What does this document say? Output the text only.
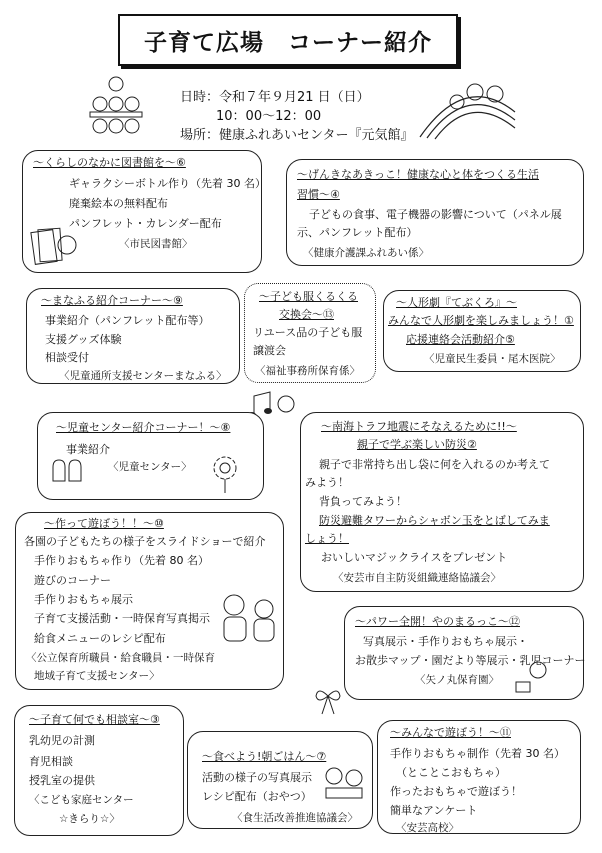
子育て広場　コーナー紹介
日時：令和７年９月21 日（日）
10：00～12：00
場所：健康ふれあいセンター『元気館』
～くらしのなかに図書館を～⑥
ギャラクシーボトル作り（先着 30 名）
廃棄絵本の無料配布
パンフレット・カレンダー配布
〈市民図書館〉
～げんきなあきっこ！健康な心と体をつくる生活
習慣～④
子どもの食事、電子機器の影響について（パネル展
示、パンフレット配布）
〈健康介護課ふれあい係〉
～まなふる紹介コーナー～⑨
事業紹介（パンフレット配布等）
支援グッズ体験
相談受付
〈児童通所支援センターまなふる〉
～子ども服くるくる
交換会～⑬
リユース品の子ども服
譲渡会
〈福祉事務所保育係〉
～人形劇『てぶくろ』～
みんなで人形劇を楽しみましょう！①
応援連絡会活動紹介⑤
〈児童民生委員・尾木医院〉
～児童センター紹介コーナー！～⑧
事業紹介
〈児童センター〉
～南海トラフ地震にそなえるために!!～
親子で学ぶ楽しい防災②
親子で非常持ち出し袋に何を入れるのか考えて
みよう！
背負ってみよう！
防災避難タワーからシャボン玉をとばしてみま
しょう！
おいしいマジックライスをプレゼント
〈安芸市自主防災組織連絡協議会〉
～作って遊ぼう！！～⑩
各園の子どもたちの様子をスライドショーで紹介
手作りおもちゃ作り（先着 80 名）
遊びのコーナー
手作りおもちゃ展示
子育て支援活動・一時保育写真掲示
給食メニューのレシピ配布
〈公立保育所職員・給食職員・一時保育
地域子育て支援センター〉
～パワー全開！やのまるっこ～⑫
写真展示・手作りおもちゃ展示・
お散歩マップ・園だより等展示・乳児コーナー
〈矢ノ丸保育園〉
～子育て何でも相談室～③
乳幼児の計測
育児相談
授乳室の提供
〈こども家庭センター
☆きらり☆〉
～食べよう!朝ごはん～⑦
活動の様子の写真展示
レシピ配布（おやつ）
〈食生活改善推進協議会〉
～みんなで遊ぼう！～⑪
手作りおもちゃ制作（先着 30 名）
（とことこおもちゃ）
作ったおもちゃで遊ぼう！
簡単なアンケート
〈安芸高校〉
